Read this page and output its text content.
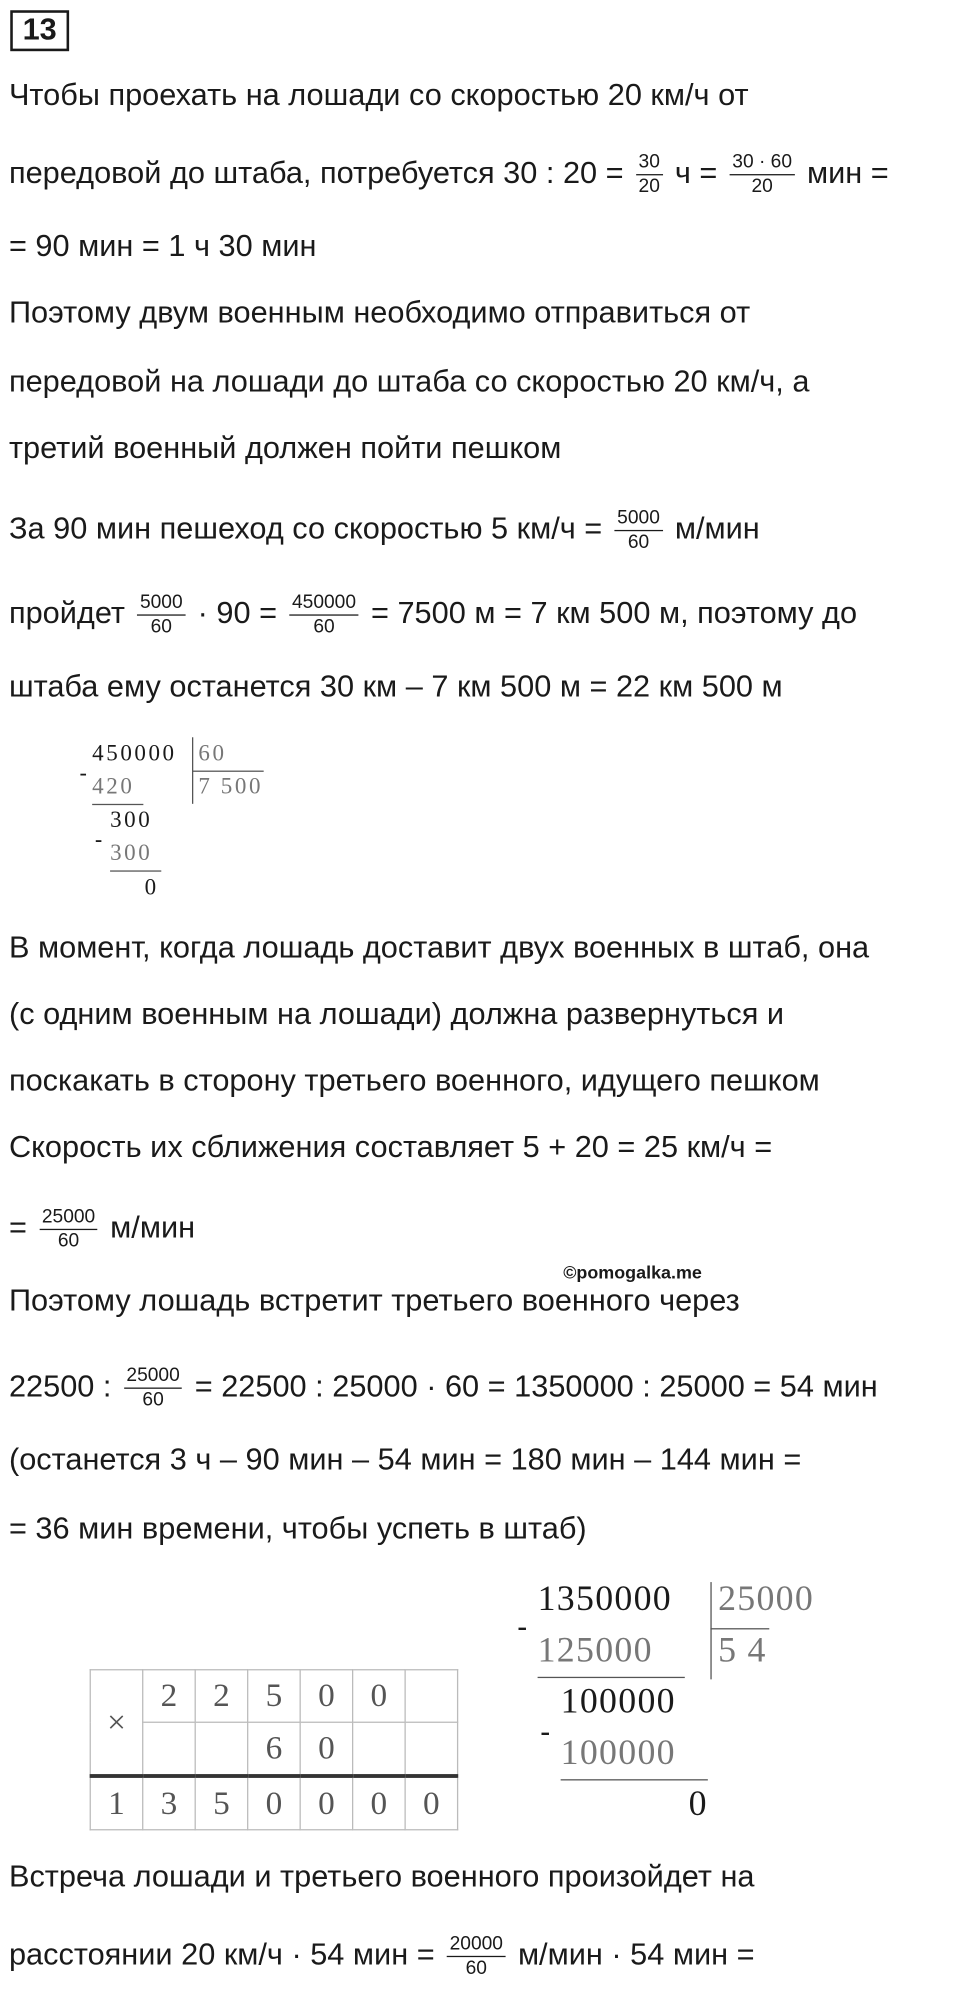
13
Чтобы проехать на лошади со скоростью 20 км/ч от
передовой до штаба, потребуется 30 : $20 = \frac{30}{20}$ $ч = \frac{30 \cdot 60}{20}$ мин =
= 90 мин = 1 ч 30 мин
Поэтому двум военным необходимо отправиться от
передовой на лошади до штаба со скоростью 20 км/ч, а
третий военный должен пойти пешком
За 90 мин пешеход со скоростью 5 $км/ч = \frac{5000}{60} м/мин$
пройдет $\frac{5000}{60} \cdot 90 = \frac{450000}{60} = 7500$ м = 7 км 500 м, поэтому до
штаба ему останется 30 км – 7 км 500 м = 22 км 500 м
-
450000 60
7 500
420
300
- 300
0
В момент, когда лошадь доставит двух военных в штаб, она
(с одним военным на лошади) должна развернуться и
поскакать в сторону третьего военного, идущего пешком
Скорость их сближения составляет 5 + 20 = 25 км/ч =
= $\frac{25000}{60} м/мин$
©pomogalka.me
Поэтому лошадь встретит третьего военного через
22500 : $\frac{25000}{60} = 22500$ : 25000 · 60 = 1350000 : 25000 = 54 мин
(останется 3 ч – 90 мин – 54 мин = 180 мин – 144 мин =
= 36 мин времени, чтобы успеть в штаб)
×	2	2	5	0	0	
			6	0		
1	3	5	0	0	0	0
-
1350000 25000
5 4
125000
100000
-
100000
0
Встреча лошади и третьего военного произойдет на
расстоянии 20 км/ч · 54 мин = $\frac{20000}{60} м/мин \cdot 54$ мин =
